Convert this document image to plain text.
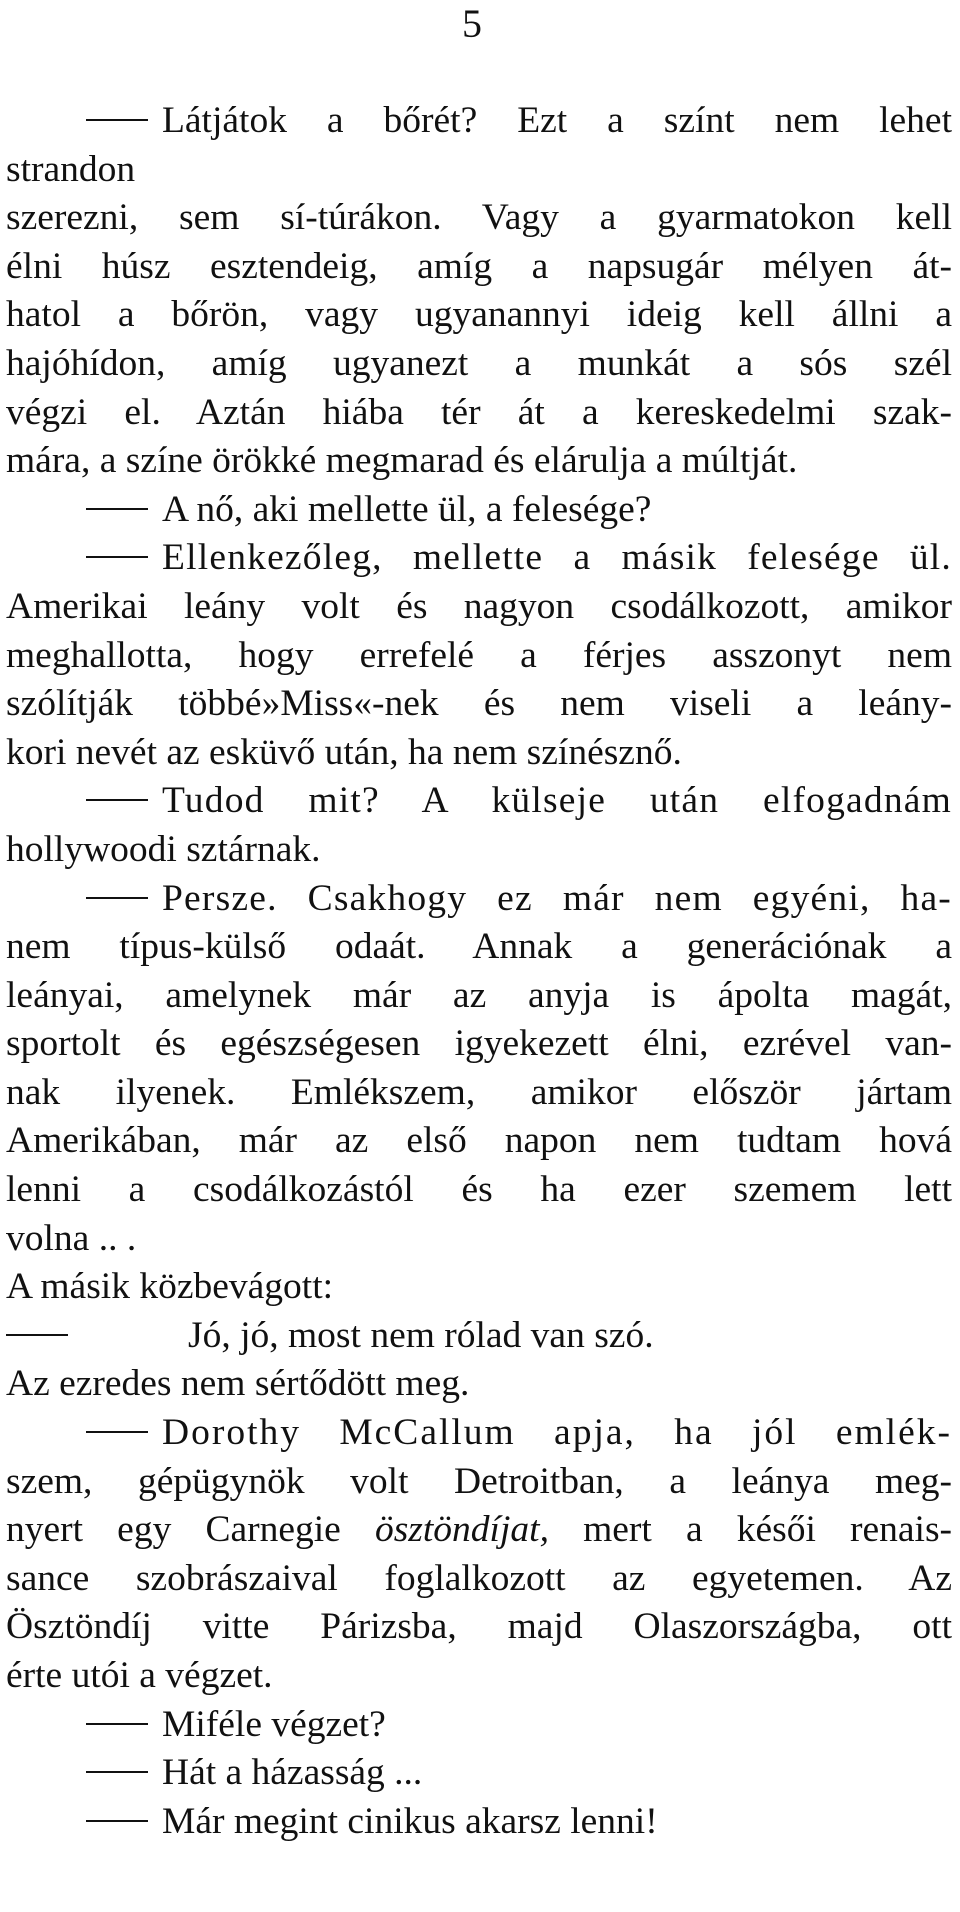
5
Látjátok a bőrét? Ezt a színt nem lehet
strandon
szerezni, sem sí-túrákon. Vagy a gyarmatokon kell
élni húsz esztendeig, amíg a napsugár mélyen át-
hatol a bőrön, vagy ugyanannyi ideig kell állni a
hajóhídon, amíg ugyanezt a munkát a sós szél
végzi el. Aztán hiába tér át a kereskedelmi szak-
mára, a színe örökké megmarad és elárulja a múltját.
A nő, aki mellette ül, a felesége?
Ellenkezőleg, mellette a másik felesége ül.
Amerikai leány volt és nagyon csodálkozott, amikor
meghallotta, hogy errefelé a férjes asszonyt nem
szólítják többé»Miss«-nek és nem viseli a leány-
kori nevét az esküvő után, ha nem színésznő.
Tudod mit? A külseje után elfogadnám
hollywoodi sztárnak.
Persze. Csakhogy ez már nem egyéni, ha-
nem típus-külső odaát. Annak a generációnak a
leányai, amelynek már az anyja is ápolta magát,
sportolt és egészségesen igyekezett élni, ezrével van-
nak ilyenek. Emlékszem, amikor először jártam
Amerikában, már az első napon nem tudtam hová
lenni a csodálkozástól és ha ezer szemem lett
volna .. .
A másik közbevágott:
Jó, jó, most nem rólad van szó.
Az ezredes nem sértődött meg.
Dorothy McCallum apja, ha jól emlék-
szem, gépügynök volt Detroitban, a leánya meg-
nyert egy Carnegie ösztöndíjat, mert a késői renais-
sance szobrászaival foglalkozott az egyetemen. Az
Ösztöndíj vitte Párizsba, majd Olaszországba, ott
érte utói a végzet.
Miféle végzet?
Hát a házasság ...
Már megint cinikus akarsz lenni!
